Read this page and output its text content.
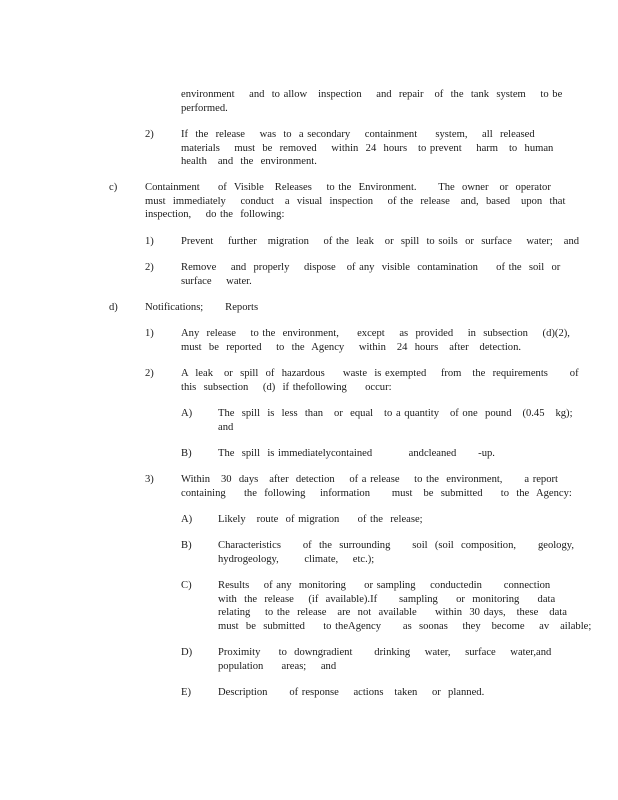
environment    and  to allow   inspection    and  repair   of  the  tank  system    to be
performed.

2)	If  the  release    was  to  a secondary    containment     system,    all  released
materials    must  be  removed    within  24  hours   to prevent    harm   to  human
health   and  the  environment.

c)	Containment     of  Visible   Releases    to the  Environment.      The  owner   or  operator
must  immediately    conduct   a  visual  inspection    of the  release   and,  based   upon  that
inspection,    do the  following:

1)	Prevent    further   migration    of the  leak   or  spill  to soils  or  surface    water;   and

2)	Remove    and  properly    dispose   of any  visible  contamination     of the  soil  or
surface    water.

d)	Notifications;      Reports

1)	Any  release    to the  environment,     except    as  provided    in  subsection    (d)(2),
must  be  reported    to  the  Agency    within   24  hours   after   detection.

2)	A  leak   or  spill  of  hazardous     waste  is exempted    from   the  requirements      of
this  subsection    (d)  if thefollowing     occur:

A) The  spill  is  less  than   or  equal   to a quantity   of one  pound   (0.45   kg);
and

B) The  spill  is immediatelycontained          andcleaned      -up.

3)	Within   30  days   after  detection    of a release    to the  environment,      a report
containing     the  following    information      must   be  submitted     to  the  Agency:

A) Likely   route  of migration     of the  release;

B) Characteristics      of  the  surrounding      soil  (soil  composition,      geology,
hydrogeology,       climate,    etc.);

C) Results    of any  monitoring     or sampling    conductedin      connection
with  the  release    (if  available).If      sampling     or  monitoring     data
relating    to the  release   are  not  available     within  30 days,   these   data
must  be  submitted     to theAgency      as  soonas    they   become    av   ailable;

D) Proximity     to  downgradient      drinking    water,    surface    water,and
population     areas;    and

E)	Description      of response    actions   taken    or  planned.
